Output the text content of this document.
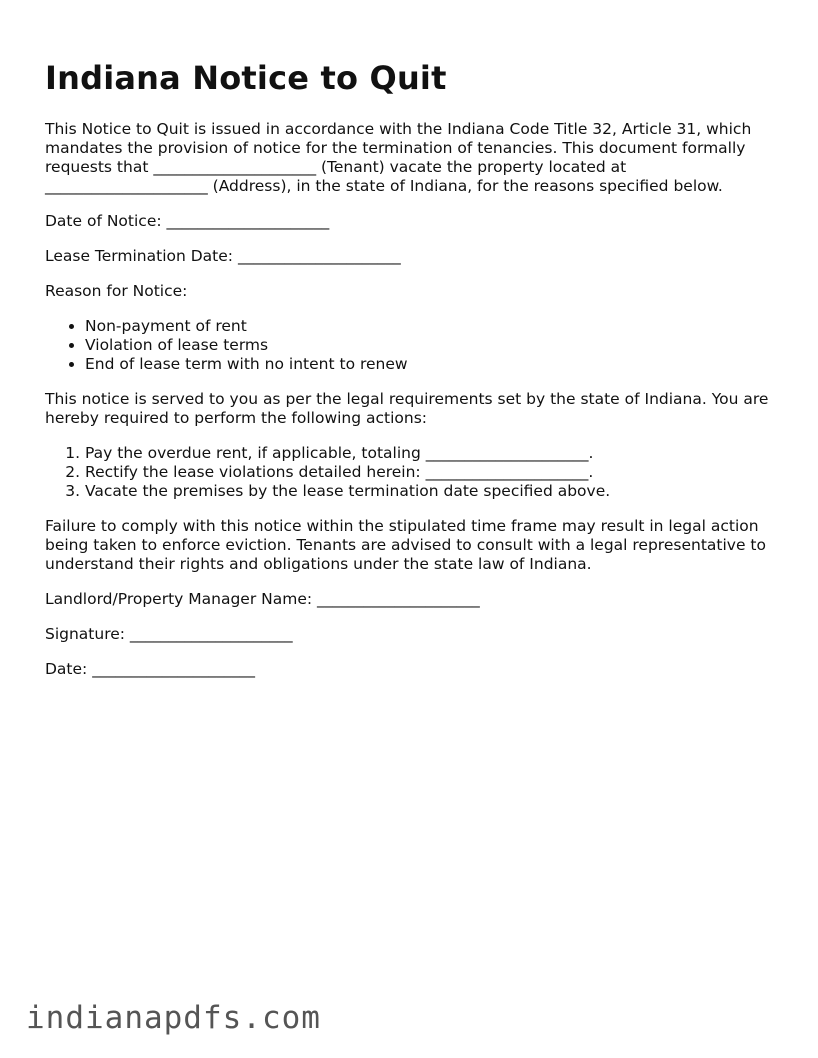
Indiana Notice to Quit

This Notice to Quit is issued in accordance with the Indiana Code Title 32, Article 31, which mandates the provision of notice for the termination of tenancies. This document formally requests that _____________________ (Tenant) vacate the property located at _____________________ (Address), in the state of Indiana, for the reasons specified below.

Date of Notice: _____________________
Lease Termination Date: _____________________
Reason for Notice:
• Non-payment of rent
• Violation of lease terms
• End of lease term with no intent to renew

This notice is served to you as per the legal requirements set by the state of Indiana. You are hereby required to perform the following actions:

1. Pay the overdue rent, if applicable, totaling _____________________.
2. Rectify the lease violations detailed herein: _____________________.
3. Vacate the premises by the lease termination date specified above.

Failure to comply with this notice within the stipulated time frame may result in legal action being taken to enforce eviction. Tenants are advised to consult with a legal representative to understand their rights and obligations under the state law of Indiana.

Landlord/Property Manager Name: _____________________
Signature: _____________________
Date: _____________________
indianapdfs.com
